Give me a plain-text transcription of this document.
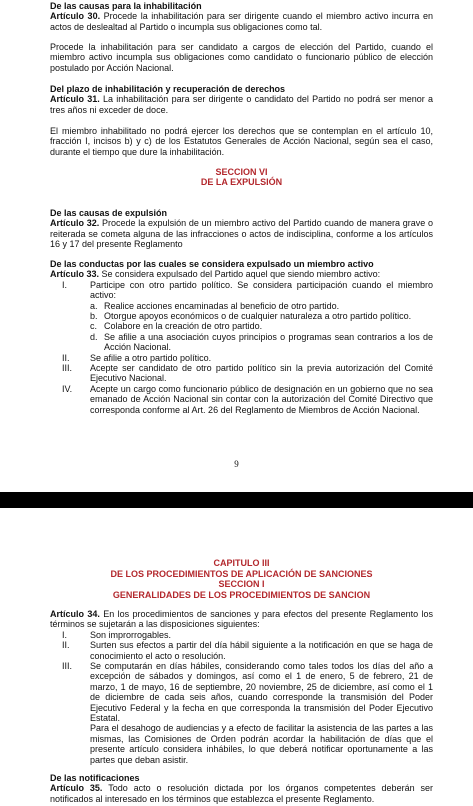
De las causas para la inhabilitación
Artículo 30. Procede la inhabilitación para ser dirigente cuando el miembro activo incurra en actos de deslealtad al Partido o incumpla sus obligaciones como tal.
Procede la inhabilitación para ser candidato a cargos de elección del Partido, cuando el miembro activo incumpla sus obligaciones como candidato o funcionario público de elección postulado por Acción Nacional.
Del plazo de inhabilitación y recuperación de derechos
Artículo 31. La inhabilitación para ser dirigente o candidato del Partido no podrá ser menor a tres años ni exceder de doce.
El miembro inhabilitado no podrá ejercer los derechos que se contemplan en el artículo 10, fracción I, incisos b) y c) de los Estatutos Generales de Acción Nacional, según sea el caso, durante el tiempo que dure la inhabilitación.
SECCION VI
DE LA EXPULSIÓN
De las causas de expulsión
Artículo 32. Procede la expulsión de un miembro activo del Partido cuando de manera grave o reiterada se cometa alguna de las infracciones o actos de indisciplina, conforme a los artículos 16 y 17 del presente Reglamento
De las conductas por las cuales se considera expulsado un miembro activo
Artículo 33. Se considera expulsado del Partido aquel que siendo miembro activo:
I.	Participe con otro partido político. Se considera participación cuando el miembro activo:
a. Realice acciones encaminadas al beneficio de otro partido.
b. Otorgue apoyos económicos o de cualquier naturaleza a otro partido político.
c. Colabore en la creación de otro partido.
d. Se afilie a una asociación cuyos principios o programas sean contrarios a los de Acción Nacional.
II.	Se afilie a otro partido político.
III.	Acepte ser candidato de otro partido político sin la previa autorización del Comité Ejecutivo Nacional.
IV.	Acepte un cargo como funcionario público de designación en un gobierno que no sea emanado de Acción Nacional sin contar con la autorización del Comité Directivo que corresponda conforme al Art. 26 del Reglamento de Miembros de Acción Nacional.
9
CAPITULO III
DE LOS PROCEDIMIENTOS DE APLICACIÓN DE SANCIONES
SECCION I
GENERALIDADES DE LOS PROCEDIMIENTOS DE SANCION
Artículo 34. En los procedimientos de sanciones y para efectos del presente Reglamento los términos se sujetarán a las disposiciones siguientes:
I.	Son improrrogables.
II.	Surten sus efectos a partir del día hábil siguiente a la notificación en que se haga de conocimiento el acto o resolución.
III.	Se computarán en días hábiles, considerando como tales todos los días del año a excepción de sábados y domingos, así como el 1 de enero, 5 de febrero, 21 de marzo, 1 de mayo, 16 de septiembre, 20 noviembre, 25 de diciembre, así como el 1 de diciembre de cada seis años, cuando corresponde la transmisión del Poder Ejecutivo Federal y la fecha en que corresponda la transmisión del Poder Ejecutivo Estatal.
Para el desahogo de audiencias y a efecto de facilitar la asistencia de las partes a las mismas, las Comisiones de Orden podrán acordar la habilitación de días que el presente artículo considera inhábiles, lo que deberá notificar oportunamente a las partes que deban asistir.
De las notificaciones
Artículo 35. Todo acto o resolución dictada por los órganos competentes deberán ser notificados al interesado en los términos que establezca el presente Reglamento.
